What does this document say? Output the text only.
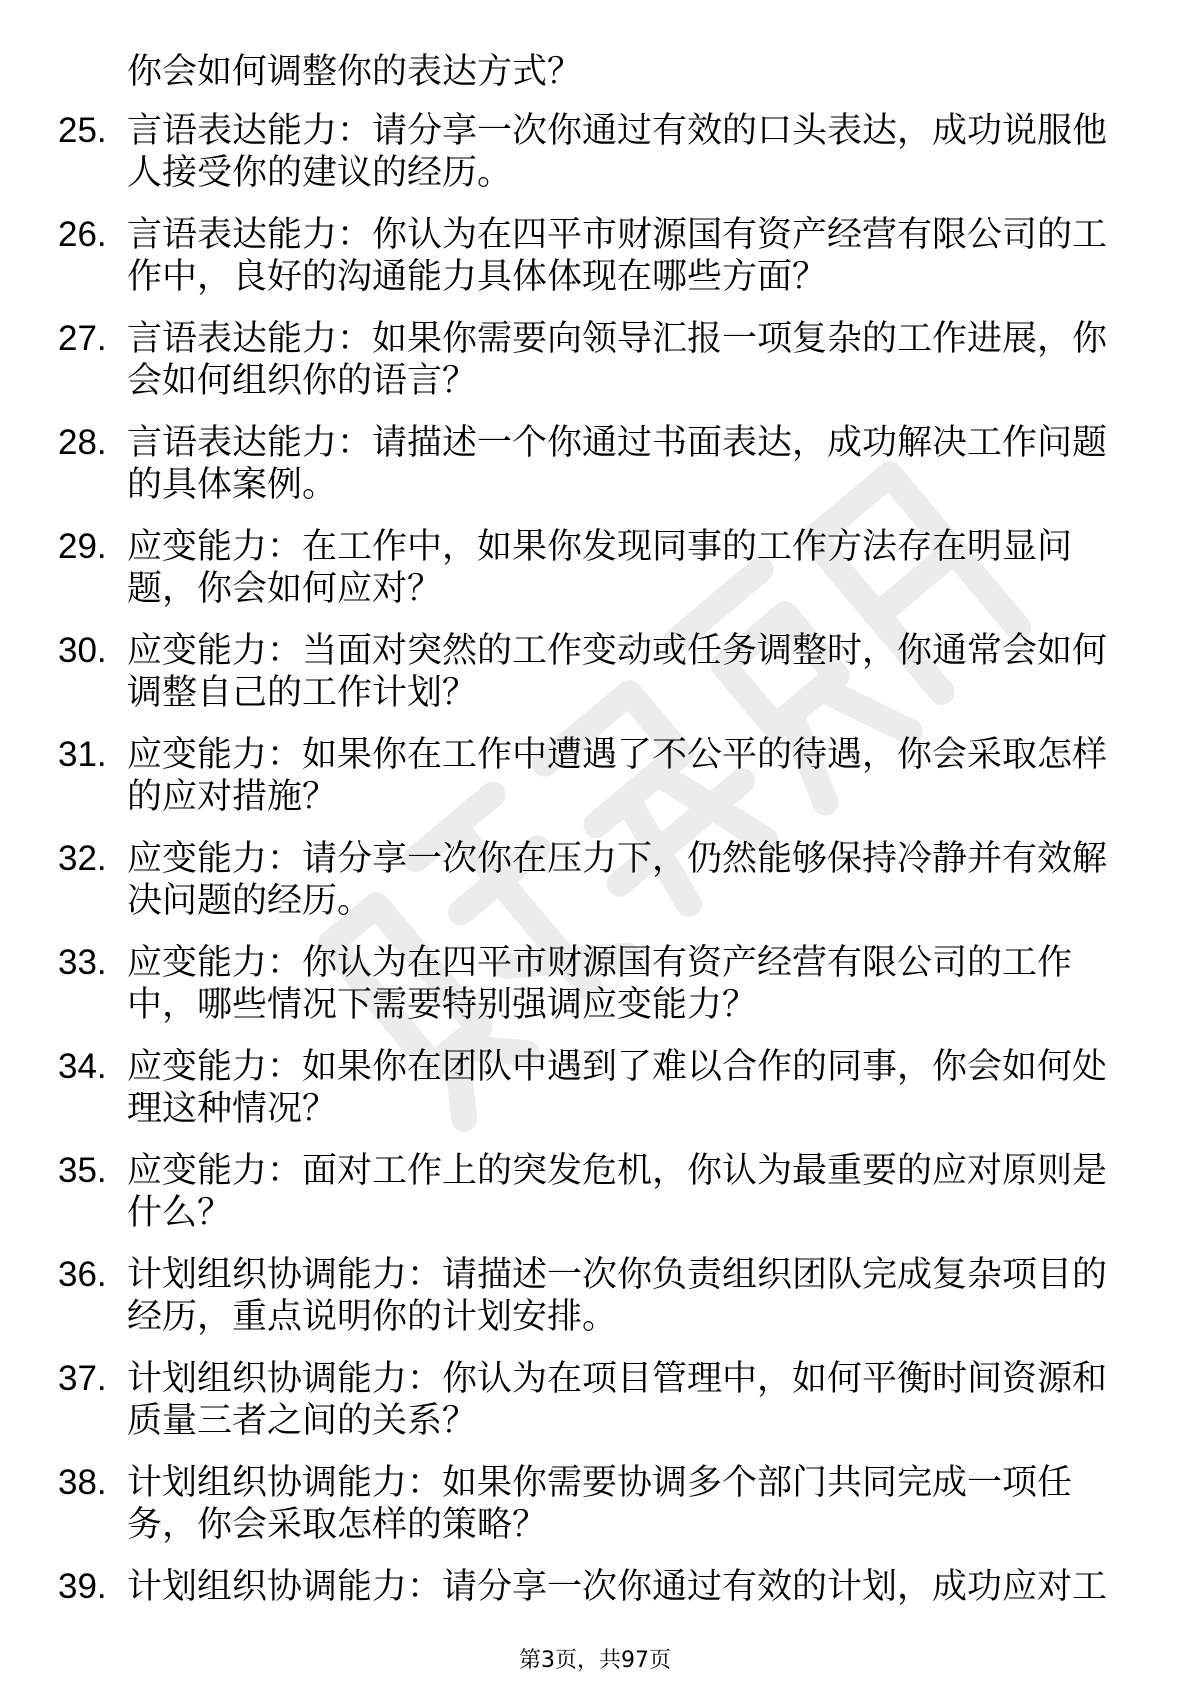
你会如何调整你的表达方式？
25. 言语表达能力：请分享一次你通过有效的口头表达，成功说服他
人接受你的建议的经历。
26. 言语表达能力：你认为在四平市财源国有资产经营有限公司的工
作中，良好的沟通能力具体体现在哪些方面？
27. 言语表达能力：如果你需要向领导汇报一项复杂的工作进展，你
会如何组织你的语言？
28. 言语表达能力：请描述一个你通过书面表达，成功解决工作问题
的具体案例。
29. 应变能力：在工作中，如果你发现同事的工作方法存在明显问
题，你会如何应对？
30. 应变能力：当面对突然的工作变动或任务调整时，你通常会如何
调整自己的工作计划？
31. 应变能力：如果你在工作中遭遇了不公平的待遇，你会采取怎样
的应对措施？
32. 应变能力：请分享一次你在压力下，仍然能够保持冷静并有效解
决问题的经历。
33. 应变能力：你认为在四平市财源国有资产经营有限公司的工作
中，哪些情况下需要特别强调应变能力？
34. 应变能力：如果你在团队中遇到了难以合作的同事，你会如何处
理这种情况？
35. 应变能力：面对工作上的突发危机，你认为最重要的应对原则是
什么？
36. 计划组织协调能力：请描述一次你负责组织团队完成复杂项目的
经历，重点说明你的计划安排。
37. 计划组织协调能力：你认为在项目管理中，如何平衡时间资源和
质量三者之间的关系？
38. 计划组织协调能力：如果你需要协调多个部门共同完成一项任
务，你会采取怎样的策略？
39. 计划组织协调能力：请分享一次你通过有效的计划，成功应对工
第3页，共97页
